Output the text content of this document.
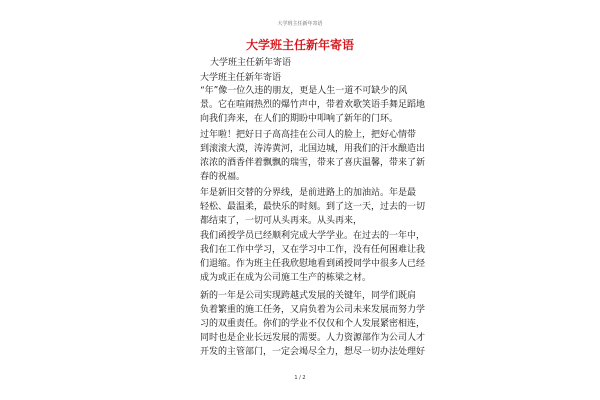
大学班主任新年寄语
大学班主任新年寄语
大学班主任新年寄语
大学班主任新年寄语
“年”像一位久违的朋友，更是人生一道不可缺少的风
景。它在喧闹热烈的爆竹声中，带着欢歌笑语手舞足蹈地
向我们奔来，在人们的期盼中叩响了新年的门环。
过年啦！把好日子高高挂在公司人的脸上，把好心情带
到滚滚大漠，涛涛黄河，北国边城，用我们的汗水酿造出
浓浓的酒香伴着飘飘的瑞雪，带来了喜庆温馨，带来了新
春的祝福。
年是新旧交替的分界线，是前进路上的加油站。年是最
轻松、最温柔，最快乐的时刻。到了这一天，过去的一切
都结束了，一切可从头再来。从头再来，
我们函授学员已经顺利完成大学学业。在过去的一年中，
我们在工作中学习，又在学习中工作，没有任何困难让我
们退缩。作为班主任我欣慰地看到函授同学中很多人已经
成为或正在成为公司施工生产的栋梁之材。
新的一年是公司实现跨越式发展的关键年，同学们既肩
负着繁重的施工任务，又肩负着为公司未来发展而努力学
习的双重责任。你们的学业不仅仅和个人发展紧密相连，
同时也是企业长远发展的需要。人力资源部作为公司人才
开发的主管部门，一定会竭尽全力，想尽一切办法处理好
1 / 2
